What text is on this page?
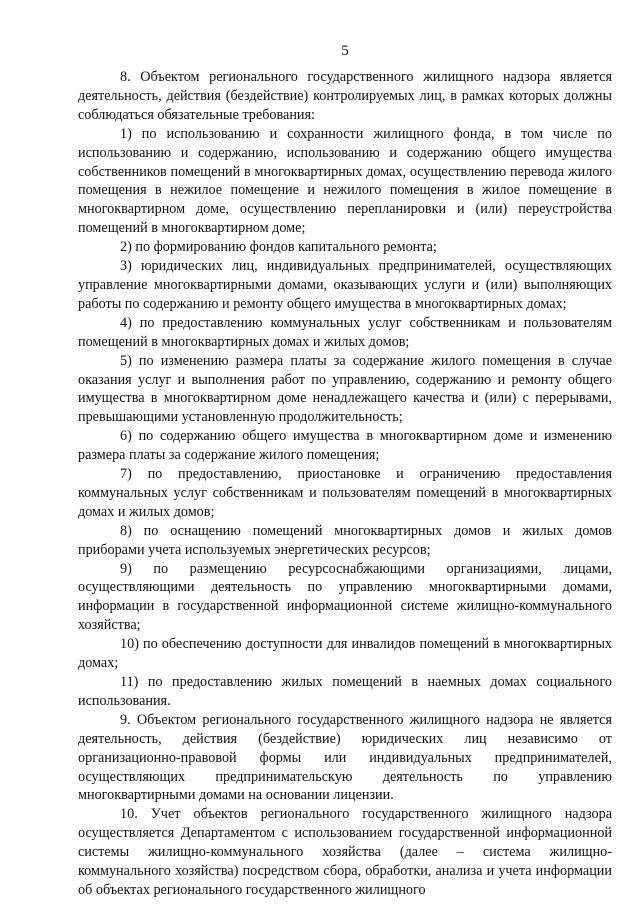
5

8. Объектом регионального государственного жилищного надзора является деятельность, действия (бездействие) контролируемых лиц, в рамках которых должны соблюдаться обязательные требования:

1) по использованию и сохранности жилищного фонда, в том числе по использованию и содержанию, использованию и содержанию общего имущества собственников помещений в многоквартирных домах, осуществлению перевода жилого помещения в нежилое помещение и нежилого помещения в жилое помещение в многоквартирном доме, осуществлению перепланировки и (или) переустройства помещений в многоквартирном доме;

2) по формированию фондов капитального ремонта;

3) юридических лиц, индивидуальных предпринимателей, осуществляющих управление многоквартирными домами, оказывающих услуги и (или) выполняющих работы по содержанию и ремонту общего имущества в многоквартирных домах;

4) по предоставлению коммунальных услуг собственникам и пользователям помещений в многоквартирных домах и жилых домов;

5) по изменению размера платы за содержание жилого помещения в случае оказания услуг и выполнения работ по управлению, содержанию и ремонту общего имущества в многоквартирном доме ненадлежащего качества и (или) с перерывами, превышающими установленную продолжительность;

6) по содержанию общего имущества в многоквартирном доме и изменению размера платы за содержание жилого помещения;

7) по предоставлению, приостановке и ограничению предоставления коммунальных услуг собственникам и пользователям помещений в многоквартирных домах и жилых домов;

8) по оснащению помещений многоквартирных домов и жилых домов приборами учета используемых энергетических ресурсов;

9) по размещению ресурсоснабжающими организациями, лицами, осуществляющими деятельность по управлению многоквартирными домами, информации в государственной информационной системе жилищно-коммунального хозяйства;

10) по обеспечению доступности для инвалидов помещений в многоквартирных домах;

11) по предоставлению жилых помещений в наемных домах социального использования.

9. Объектом регионального государственного жилищного надзора не является деятельность, действия (бездействие) юридических лиц независимо от организационно-правовой формы или индивидуальных предпринимателей, осуществляющих предпринимательскую деятельность по управлению многоквартирными домами на основании лицензии.

10. Учет объектов регионального государственного жилищного надзора осуществляется Департаментом с использованием государственной информационной системы жилищно-коммунального хозяйства (далее – система жилищно-коммунального хозяйства) посредством сбора, обработки, анализа и учета информации об объектах регионального государственного жилищного
